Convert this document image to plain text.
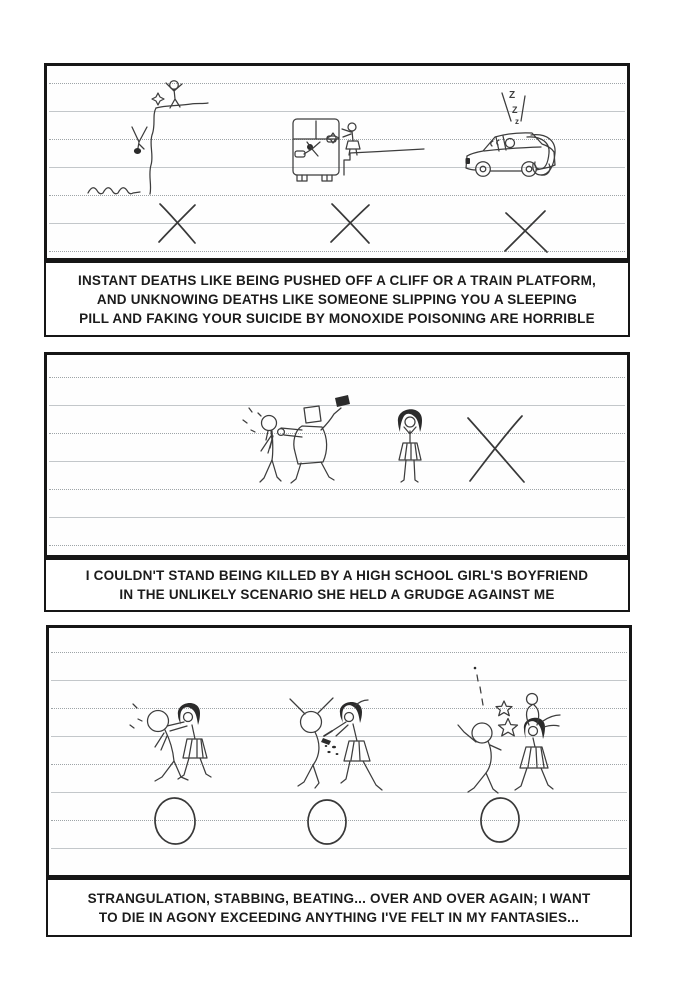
Z
Z
z
INSTANT DEATHS LIKE BEING PUSHED OFF A CLIFF OR A TRAIN PLATFORM,
AND UNKNOWING DEATHS LIKE SOMEONE SLIPPING YOU A SLEEPING
PILL AND FAKING YOUR SUICIDE BY MONOXIDE POISONING ARE HORRIBLE
I COULDN'T STAND BEING KILLED BY A HIGH SCHOOL GIRL'S BOYFRIEND
IN THE UNLIKELY SCENARIO SHE HELD A GRUDGE AGAINST ME
STRANGULATION, STABBING, BEATING... OVER AND OVER AGAIN; I WANT
TO DIE IN AGONY EXCEEDING ANYTHING I'VE FELT IN MY FANTASIES...
